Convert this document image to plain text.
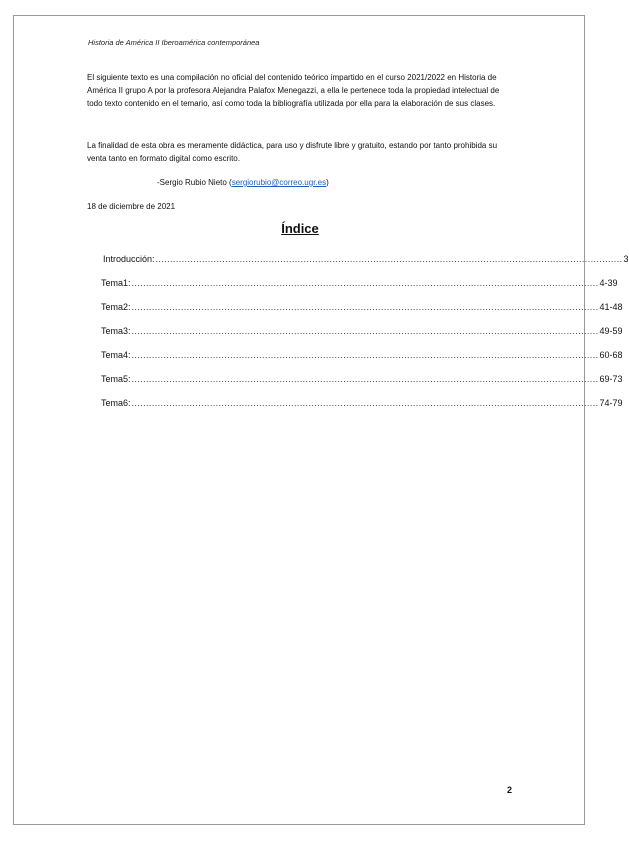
Historia de América II Iberoamérica contemporánea
El siguiente texto es una compilación no oficial del contenido teórico impartido en el curso 2021/2022 en Historia de América II grupo A por la profesora Alejandra Palafox Menegazzi, a ella le pertenece toda la propiedad intelectual de todo texto contenido en el temario, así como toda la bibliografía utilizada por ella para la elaboración de sus clases.
La finalidad de esta obra es meramente didáctica, para uso y disfrute libre y gratuito, estando por tanto prohibida su venta tanto en formato digital como escrito.
-Sergio Rubio Nieto (sergiorubio@correo.ugr.es)
18 de diciembre de 2021
Índice
Introducción: ................................................................................................................................................................. 3
Tema1: ................................................................................................................................................................. 4-39
Tema2: ................................................................................................................................................................. 41-48
Tema3: ................................................................................................................................................................. 49-59
Tema4: ................................................................................................................................................................. 60-68
Tema5: ................................................................................................................................................................. 69-73
Tema6: ................................................................................................................................................................. 74-79
2
